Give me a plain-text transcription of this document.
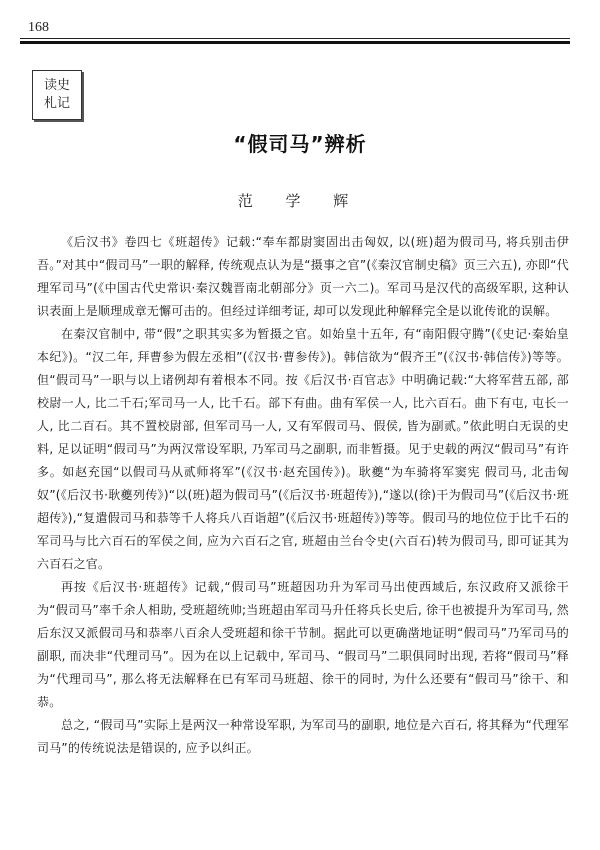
168
读史
札记
“假司马”辨析
范 学 辉

《后汉书》卷四七《班超传》记载:“奉车都尉窦固出击匈奴, 以(班)超为假司马, 将兵别击伊吾。”对其中“假司马”一职的解释, 传统观点认为是“摄事之官”(《秦汉官制史稿》页三六五), 亦即“代理军司马”(《中国古代史常识·秦汉魏晋南北朝部分》页一六二)。军司马是汉代的高级军职, 这种认识表面上是顺理成章无懈可击的。但经过详细考证, 却可以发现此种解释完全是以讹传讹的误解。

在秦汉官制中, 带“假”之职其实多为暂摄之官。如始皇十五年, 有“南阳假守腾”(《史记·秦始皇本纪》)。“汉二年, 拜曹参为假左丞相”(《汉书·曹参传》)。韩信欲为“假齐王”(《汉书·韩信传》)等等。但“假司马”一职与以上诸例却有着根本不同。按《后汉书·百官志》中明确记载:“大将军营五部, 部校尉一人, 比二千石;军司马一人, 比千石。部下有曲。曲有军侯一人, 比六百石。曲下有屯, 屯长一人, 比二百石。其不置校尉部, 但军司马一人, 又有军假司马、假侯, 皆为副贰。”依此明白无误的史料, 足以证明“假司马”为两汉常设军职, 乃军司马之副职, 而非暂摄。见于史载的两汉“假司马”有许多。如赵充国“以假司马从贰师将军”(《汉书·赵充国传》)。耿夔“为车骑将军窦宪 假司马, 北击匈奴”(《后汉书·耿夔列传》)“以(班)超为假司马”(《后汉书·班超传》),“遂以(徐)干为假司马”(《后汉书·班超传》),“复遣假司马和恭等千人将兵八百诣超”(《后汉书·班超传》)等等。假司马的地位位于比千石的军司马与比六百石的军侯之间, 应为六百石之官, 班超由兰台令史(六百石)转为假司马, 即可证其为六百石之官。

再按《后汉书·班超传》记载,“假司马”班超因功升为军司马出使西域后, 东汉政府又派徐干为“假司马”率千余人相助, 受班超统帅;当班超由军司马升任将兵长史后, 徐干也被提升为军司马, 然后东汉又派假司马和恭率八百余人受班超和徐干节制。据此可以更确凿地证明“假司马”乃军司马的副职, 而决非“代理司马”。因为在以上记载中, 军司马、“假司马”二职俱同时出现, 若将“假司马”释为“代理司马”, 那么将无法解释在已有军司马班超、徐干的同时, 为什么还要有“假司马”徐干、和恭。

总之, “假司马”实际上是两汉一种常设军职, 为军司马的副职, 地位是六百石, 将其释为“代理军司马”的传统说法是错误的, 应予以纠正。
